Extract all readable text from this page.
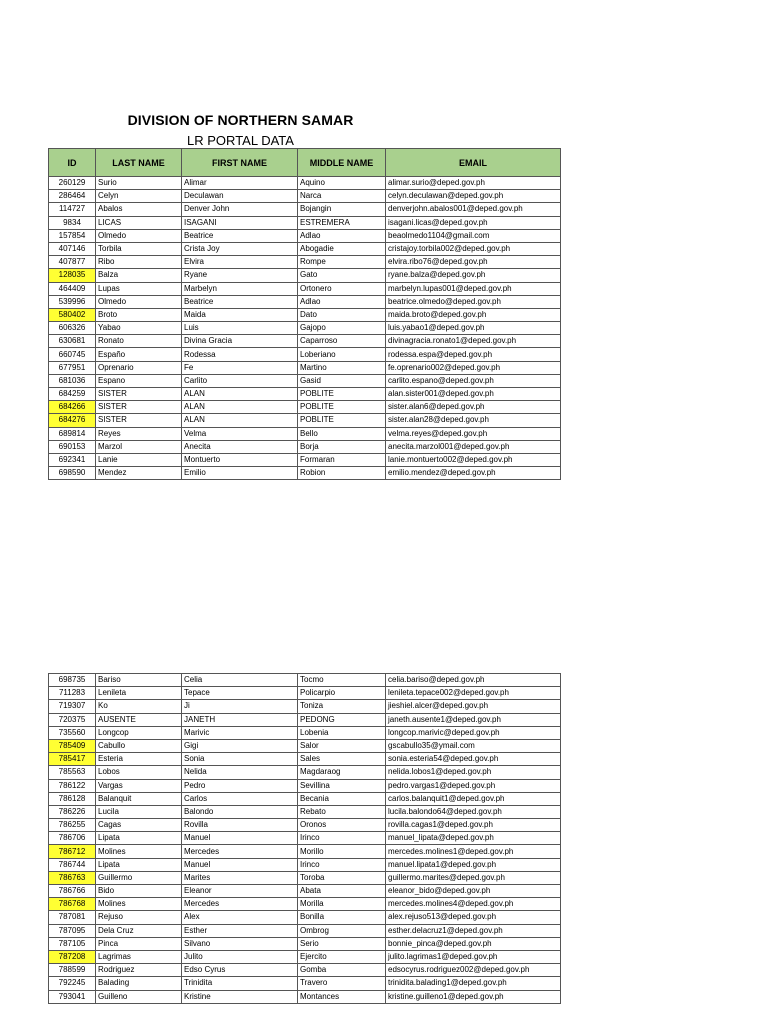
DIVISION OF NORTHERN SAMAR
LR PORTAL DATA
ID	LAST NAME	FIRST NAME	MIDDLE NAME	EMAIL
260129	Surio	Alimar	Aquino	alimar.surio@deped.gov.ph
286464	Celyn	Deculawan	Narca	celyn.deculawan@deped.gov.ph
114727	Abalos	Denver John	Bojangin	denverjohn.abalos001@deped.gov.ph
9834	LICAS	ISAGANI	ESTREMERA	isagani.licas@deped.gov.ph
157854	Olmedo	Beatrice	Adlao	beaolmedo1104@gmail.com
407146	Torbila	Crista Joy	Abogadie	cristajoy.torbila002@deped.gov.ph
407877	Ribo	Elvira	Rompe	elvira.ribo76@deped.gov.ph
128035	Balza	Ryane	Gato	ryane.balza@deped.gov.ph
464409	Lupas	Marbelyn	Ortonero	marbelyn.lupas001@deped.gov.ph
539996	Olmedo	Beatrice	Adlao	beatrice.olmedo@deped.gov.ph
580402	Broto	Maida	Dato	maida.broto@deped.gov.ph
606326	Yabao	Luis	Gajopo	luis.yabao1@deped.gov.ph
630681	Ronato	Divina Gracia	Caparroso	divinagracia.ronato1@deped.gov.ph
660745	Españo	Rodessa	Loberiano	rodessa.espa@deped.gov.ph
677951	Oprenario	Fe	Martino	fe.oprenario002@deped.gov.ph
681036	Espano	Carlito	Gasid	carlito.espano@deped.gov.ph
684259	SISTER	ALAN	POBLITE	alan.sister001@deped.gov.ph
684266	SISTER	ALAN	POBLITE	sister.alan6@deped.gov.ph
684276	SISTER	ALAN	POBLITE	sister.alan28@deped.gov.ph
689814	Reyes	Velma	Bello	velma.reyes@deped.gov.ph
690153	Marzol	Anecita	Borja	anecita.marzol001@deped.gov.ph
692341	Lanie	Montuerto	Formaran	lanie.montuerto002@deped.gov.ph
698590	Mendez	Emilio	Robion	emilio.mendez@deped.gov.ph
698735	Bariso	Celia	Tocmo	celia.bariso@deped.gov.ph
711283	Lenileta	Tepace	Policarpio	lenileta.tepace002@deped.gov.ph
719307	Ko	Ji	Toniza	jieshiel.alcer@deped.gov.ph
720375	AUSENTE	JANETH	PEDONG	janeth.ausente1@deped.gov.ph
735560	Longcop	Marivic	Lobenia	longcop.marivic@deped.gov.ph
785409	Cabullo	Gigi	Salor	gscabullo35@ymail.com
785417	Esteria	Sonia	Sales	sonia.esteria54@deped.gov.ph
785563	Lobos	Nelida	Magdaraog	nelida.lobos1@deped.gov.ph
786122	Vargas	Pedro	Sevillina	pedro.vargas1@deped.gov.ph
786128	Balanquit	Carlos	Becania	carlos.balanquit1@deped.gov.ph
786226	Lucila	Balondo	Rebato	lucila.balondo64@deped.gov.ph
786255	Cagas	Rovilla	Oronos	rovilla.cagas1@deped.gov.ph
786706	Lipata	Manuel	Irinco	manuel_lipata@deped.gov.ph
786712	Molines	Mercedes	Morillo	mercedes.molines1@deped.gov.ph
786744	Lipata	Manuel	Irinco	manuel.lipata1@deped.gov.ph
786763	Guillermo	Marites	Toroba	guillermo.marites@deped.gov.ph
786766	Bido	Eleanor	Abata	eleanor_bido@deped.gov.ph
786768	Molines	Mercedes	Morilla	mercedes.molines4@deped.gov.ph
787081	Rejuso	Alex	Bonilla	alex.rejuso513@deped.gov.ph
787095	Dela Cruz	Esther	Ombrog	esther.delacruz1@deped.gov.ph
787105	Pinca	Silvano	Serio	bonnie_pinca@deped.gov.ph
787208	Lagrimas	Julito	Ejercito	julito.lagrimas1@deped.gov.ph
788599	Rodriguez	Edso Cyrus	Gomba	edsocyrus.rodriguez002@deped.gov.ph
792245	Balading	Trinidita	Travero	trinidita.balading1@deped.gov.ph
793041	Guilleno	Kristine	Montances	kristine.guilleno1@deped.gov.ph
